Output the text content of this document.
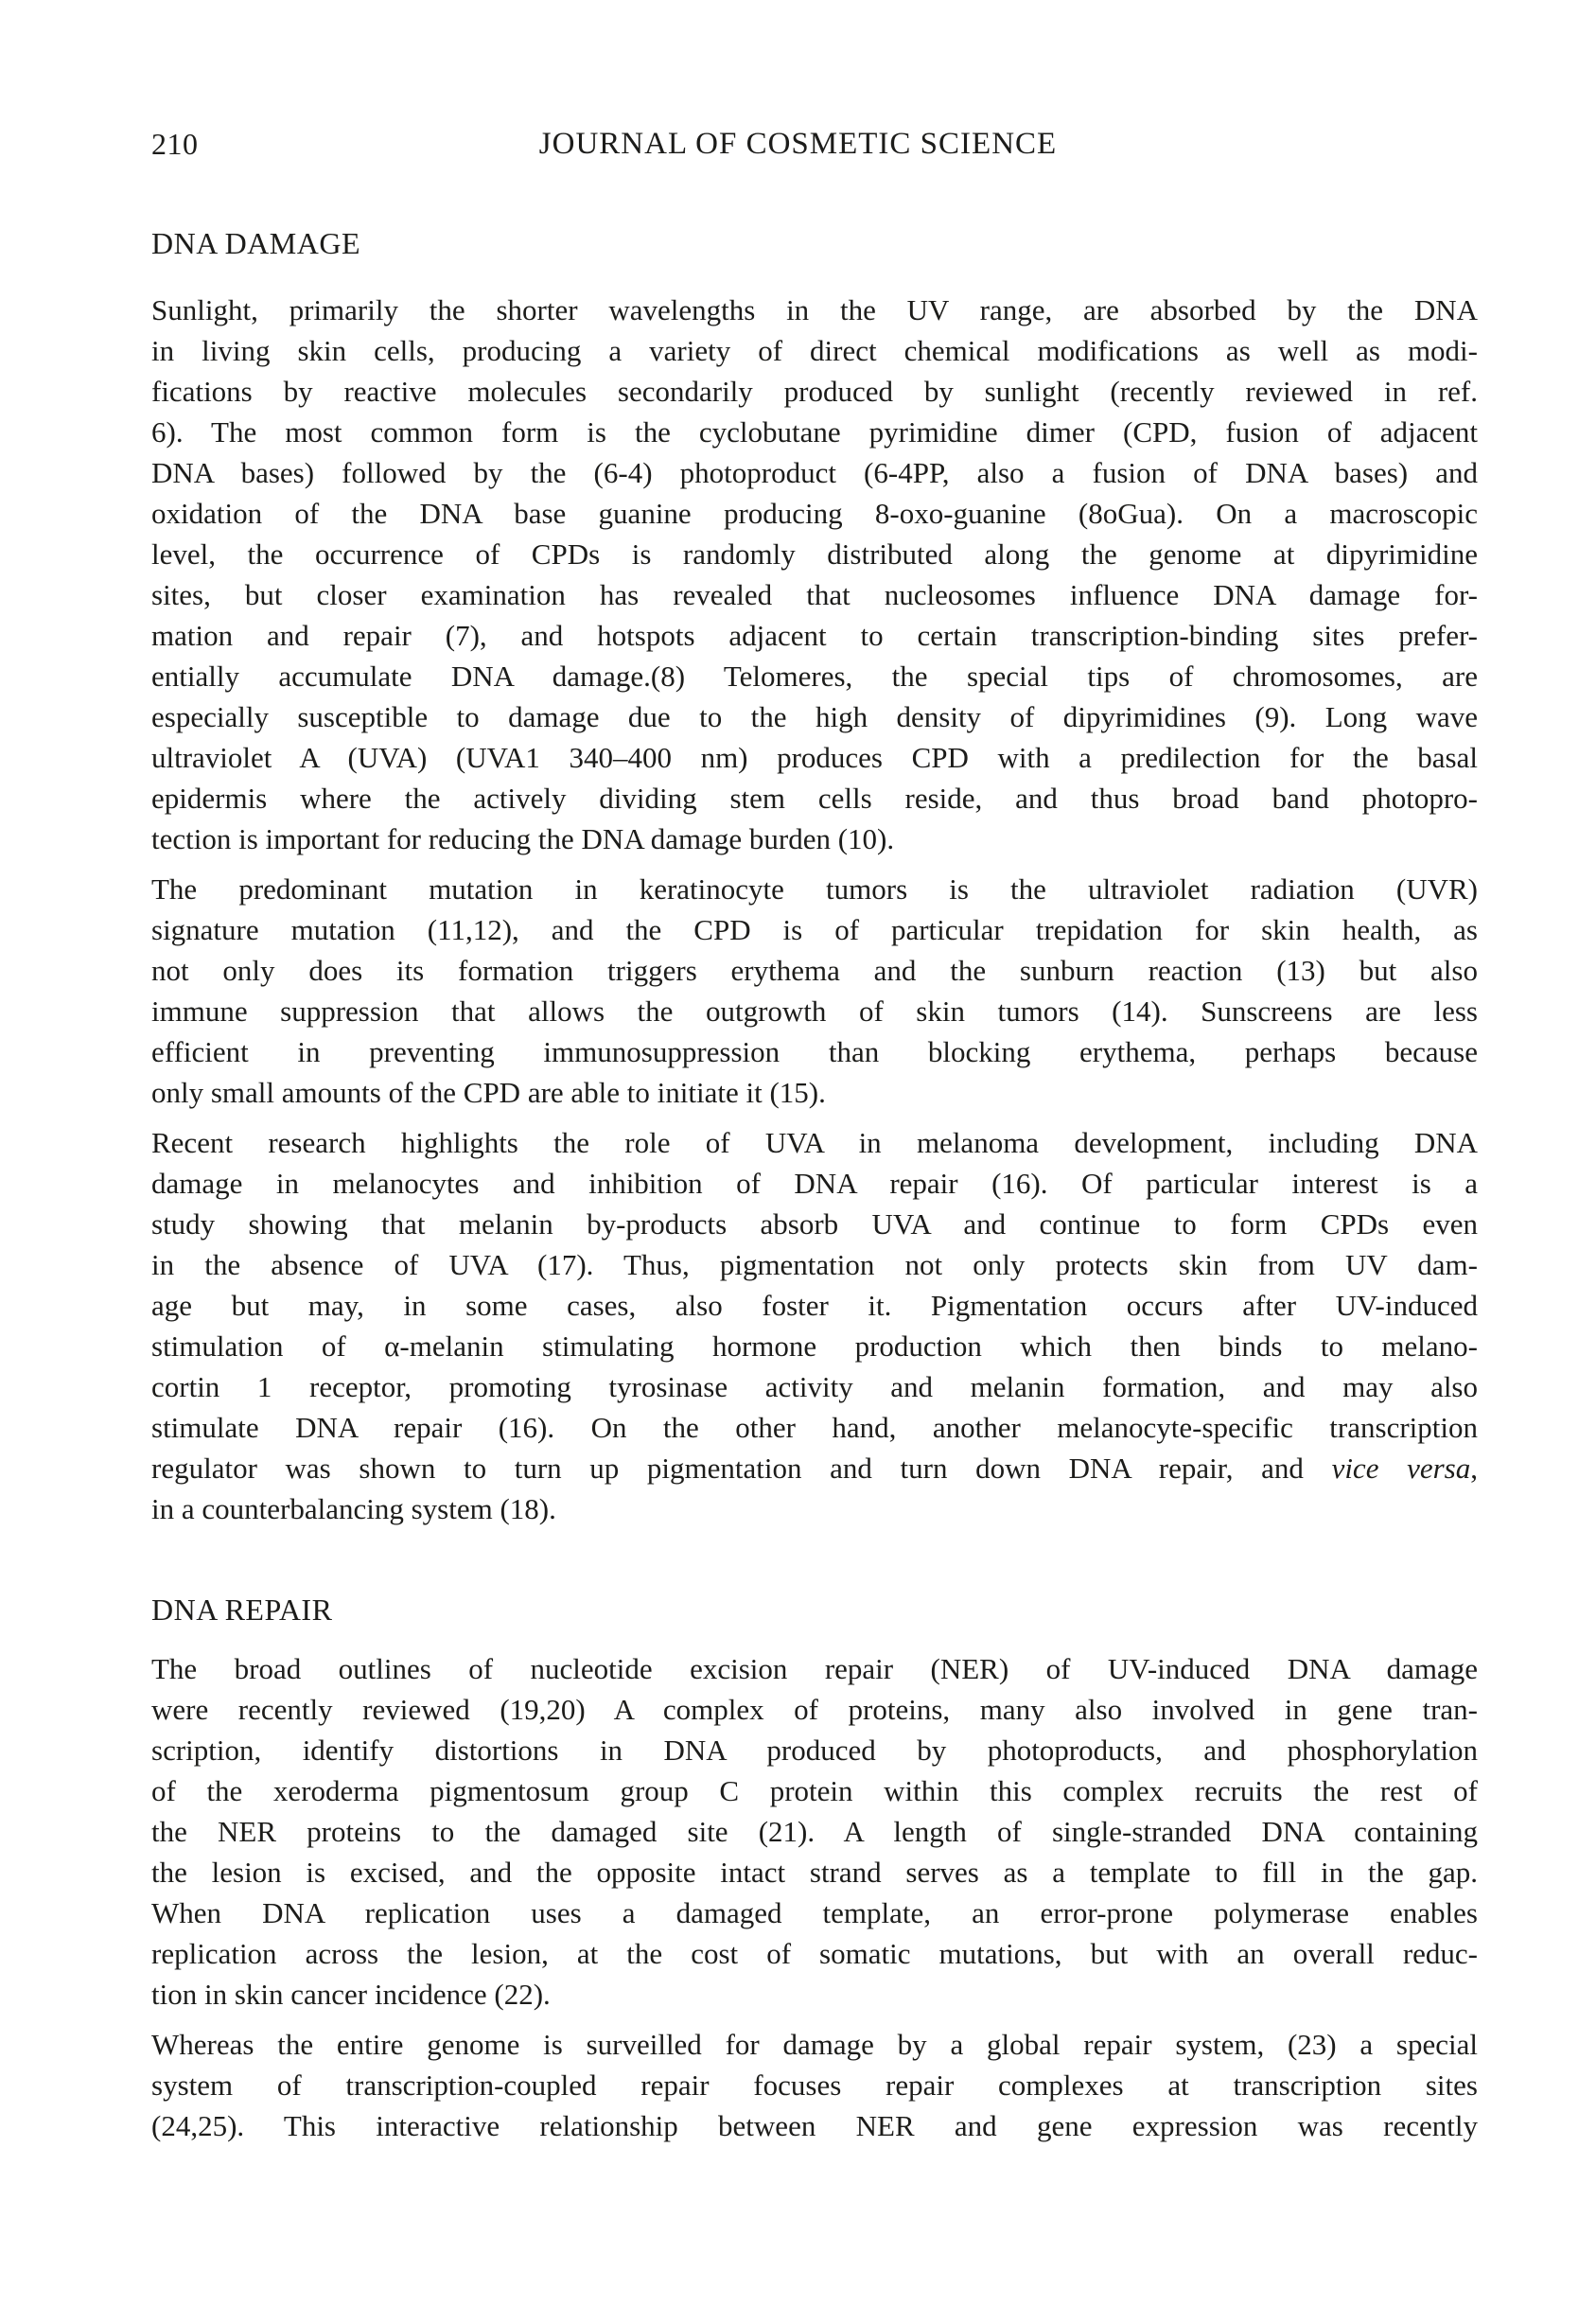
210	JOURNAL OF COSMETIC SCIENCE
DNA DAMAGE
Sunlight, primarily the shorter wavelengths in the UV range, are absorbed by the DNA
in living skin cells, producing a variety of direct chemical modifications as well as modi-
fications by reactive molecules secondarily produced by sunlight (recently reviewed in ref.
6). The most common form is the cyclobutane pyrimidine dimer (CPD, fusion of adjacent
DNA bases) followed by the (6-4) photoproduct (6-4PP, also a fusion of DNA bases) and
oxidation of the DNA base guanine producing 8-oxo-guanine (8oGua). On a macroscopic
level, the occurrence of CPDs is randomly distributed along the genome at dipyrimidine
sites, but closer examination has revealed that nucleosomes influence DNA damage for-
mation and repair (7), and hotspots adjacent to certain transcription-binding sites prefer-
entially accumulate DNA damage.(8) Telomeres, the special tips of chromosomes, are
especially susceptible to damage due to the high density of dipyrimidines (9). Long wave
ultraviolet A (UVA) (UVA1 340–400 nm) produces CPD with a predilection for the basal
epidermis where the actively dividing stem cells reside, and thus broad band photopro-
tection is important for reducing the DNA damage burden (10).
The predominant mutation in keratinocyte tumors is the ultraviolet radiation (UVR)
signature mutation (11,12), and the CPD is of particular trepidation for skin health, as
not only does its formation triggers erythema and the sunburn reaction (13) but also
immune suppression that allows the outgrowth of skin tumors (14). Sunscreens are less
efficient in preventing immunosuppression than blocking erythema, perhaps because
only small amounts of the CPD are able to initiate it (15).
Recent research highlights the role of UVA in melanoma development, including DNA
damage in melanocytes and inhibition of DNA repair (16). Of particular interest is a
study showing that melanin by-products absorb UVA and continue to form CPDs even
in the absence of UVA (17). Thus, pigmentation not only protects skin from UV dam-
age but may, in some cases, also foster it. Pigmentation occurs after UV-induced
stimulation of α-melanin stimulating hormone production which then binds to melano-
cortin 1 receptor, promoting tyrosinase activity and melanin formation, and may also
stimulate DNA repair (16). On the other hand, another melanocyte-specific transcription
regulator was shown to turn up pigmentation and turn down DNA repair, and vice versa,
in a counterbalancing system (18).
DNA REPAIR
The broad outlines of nucleotide excision repair (NER) of UV-induced DNA damage
were recently reviewed (19,20) A complex of proteins, many also involved in gene tran-
scription, identify distortions in DNA produced by photoproducts, and phosphorylation
of the xeroderma pigmentosum group C protein within this complex recruits the rest of
the NER proteins to the damaged site (21). A length of single-stranded DNA containing
the lesion is excised, and the opposite intact strand serves as a template to fill in the gap.
When DNA replication uses a damaged template, an error-prone polymerase enables
replication across the lesion, at the cost of somatic mutations, but with an overall reduc-
tion in skin cancer incidence (22).
Whereas the entire genome is surveilled for damage by a global repair system, (23) a special
system of transcription-coupled repair focuses repair complexes at transcription sites
(24,25). This interactive relationship between NER and gene expression was recently
